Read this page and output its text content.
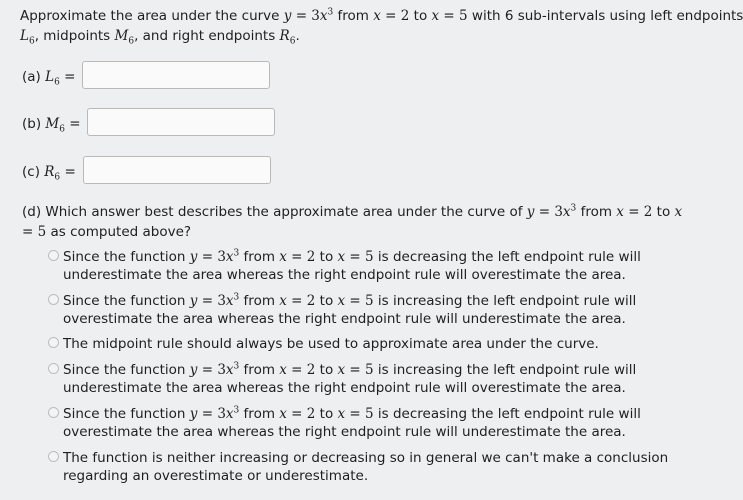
Approximate the area under the curve $y = 3x^3$ from x = 2 to x = 5 with 6 sub-intervals using left endpoints
$L_6$, midpoints $M_6$, and right endpoints $R_6$.
(a) $L_6$ =
(b) $M_6$ =
(c) $R_6$ =
(d) Which answer best describes the approximate area under the curve of $y = 3x^3$ from x = 2 to x = 5 as computed above?
Since the function $y = 3x^3$ from x = 2 to x = 5 is decreasing the left endpoint rule will underestimate the area whereas the right endpoint rule will overestimate the area.
Since the function $y = 3x^3$ from x = 2 to x = 5 is increasing the left endpoint rule will overestimate the area whereas the right endpoint rule will underestimate the area.
The midpoint rule should always be used to approximate area under the curve.
Since the function $y = 3x^3$ from x = 2 to x = 5 is increasing the left endpoint rule will underestimate the area whereas the right endpoint rule will overestimate the area.
Since the function $y = 3x^3$ from x = 2 to x = 5 is decreasing the left endpoint rule will overestimate the area whereas the right endpoint rule will underestimate the area.
The function is neither increasing or decreasing so in general we can't make a conclusion regarding an overestimate or underestimate.
